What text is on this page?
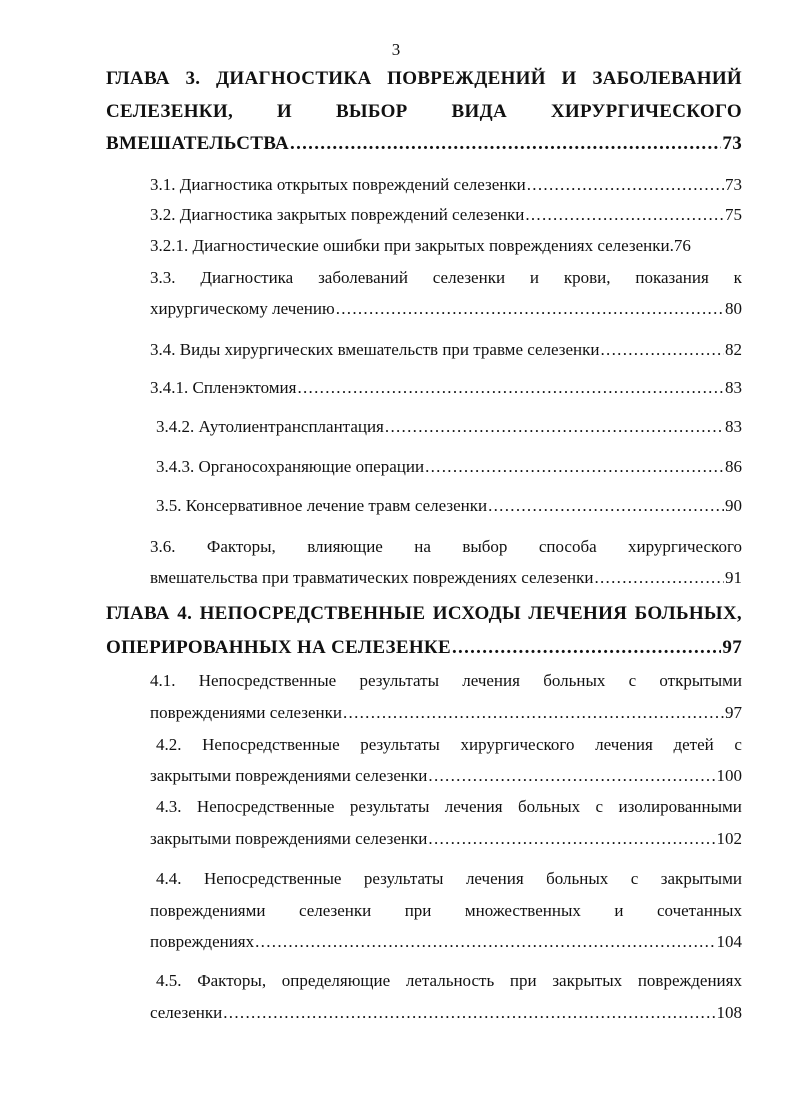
3
ГЛАВА 3. ДИАГНОСТИКА ПОВРЕЖДЕНИЙ И ЗАБОЛЕВАНИЙ
СЕЛЕЗЕНКИ, И ВЫБОР ВИДА ХИРУРГИЧЕСКОГО
ВМЕШАТЕЛЬСТВА .....	73
3.1. Диагностика открытых повреждений селезенки .....	73
3.2. Диагностика закрытых повреждений селезенки .....	75
3.2.1. Диагностические ошибки при закрытых повреждениях селезенки. 76
3.3. Диагностика заболеваний селезенки и крови, показания к
хирургическому лечению .....	80
3.4. Виды хирургических вмешательств при травме селезенки .....	82
3.4.1. Спленэктомия .....	83
3.4.2. Аутолиентрансплантация .....	83
3.4.3. Органосохраняющие операции .....	86
3.5. Консервативное лечение травм селезенки .....	90
3.6. Факторы, влияющие на выбор способа хирургического
вмешательства при травматических повреждениях селезенки .....	91
ГЛАВА 4. НЕПОСРЕДСТВЕННЫЕ ИСХОДЫ ЛЕЧЕНИЯ БОЛЬНЫХ,
ОПЕРИРОВАННЫХ НА СЕЛЕЗЕНКЕ .....	97
4.1. Непосредственные результаты лечения больных с открытыми
повреждениями селезенки .....	97
4.2. Непосредственные результаты хирургического лечения детей с
закрытыми повреждениями селезенки .....	100
4.3. Непосредственные результаты лечения больных с изолированными
закрытыми повреждениями селезенки .....	102
4.4. Непосредственные результаты лечения больных с закрытыми
повреждениями селезенки при множественных и сочетанных
повреждениях .....	104
4.5. Факторы, определяющие летальность при закрытых повреждениях
селезенки .....	108
